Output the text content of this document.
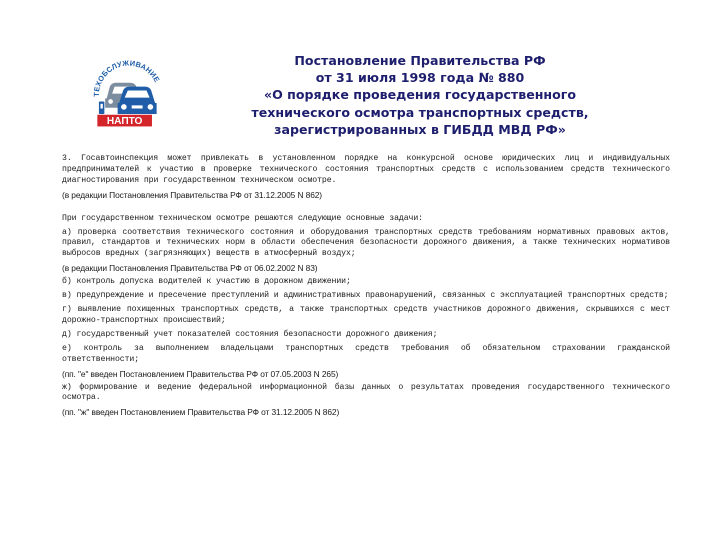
ТЕХОБСЛУЖИВАНИЕ
НАПТО
Постановление Правительства РФ
от 31 июля 1998 года № 880
«О порядке проведения государственного
технического осмотра транспортных средств,
зарегистрированных в ГИБДД МВД РФ»
3. Госавтоинспекция может привлекать в установленном порядке на конкурсной основе юридических лиц и индивидуальных предпринимателей к участию в проверке технического состояния транспортных средств с использованием средств технического диагностирования при государственном техническом осмотре.
(в редакции Постановления Правительства РФ от 31.12.2005 N 862)
При государственном техническом осмотре решаются следующие основные задачи:
а) проверка соответствия технического состояния и оборудования транспортных средств требованиям нормативных правовых актов, правил, стандартов и технических норм в области обеспечения безопасности дорожного движения, а также технических нормативов выбросов вредных (загрязняющих) веществ в атмосферный воздух;
(в редакции Постановления Правительства РФ от 06.02.2002 N 83)
б) контроль допуска водителей к участию в дорожном движении;
в) предупреждение и пресечение преступлений и административных правонарушений, связанных с эксплуатацией транспортных средств;
г) выявление похищенных транспортных средств, а также транспортных средств участников дорожного движения, скрывшихся с мест дорожно-транспортных происшествий;
д) государственный учет показателей состояния безопасности дорожного движения;
е) контроль за выполнением владельцами транспортных средств требования об обязательном страховании гражданской ответственности;
(пп. "е" введен Постановлением Правительства РФ от 07.05.2003 N 265)
ж) формирование и ведение федеральной информационной базы данных о результатах проведения государственного технического осмотра.
(пп. "ж" введен Постановлением Правительства РФ от 31.12.2005 N 862)
